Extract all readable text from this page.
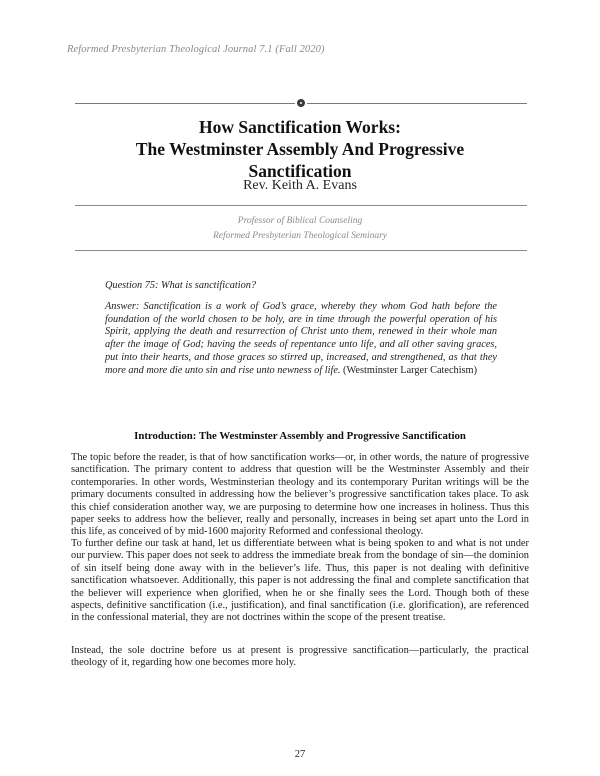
Reformed Presbyterian Theological Journal 7.1 (Fall 2020)
How Sanctification Works:
The Westminster Assembly And Progressive
Sanctification
Rev. Keith A. Evans
Professor of Biblical Counseling
Reformed Presbyterian Theological Seminary
Question 75: What is sanctification?
Answer: Sanctification is a work of God’s grace, whereby they whom God hath before the foundation of the world chosen to be holy, are in time through the powerful operation of his Spirit, applying the death and resurrection of Christ unto them, renewed in their whole man after the image of God; having the seeds of repentance unto life, and all other saving graces, put into their hearts, and those graces so stirred up, increased, and strengthened, as that they more and more die unto sin and rise unto newness of life. (Westminster Larger Catechism)
Introduction: The Westminster Assembly and Progressive Sanctification

The topic before the reader, is that of how sanctification works—or, in other words, the nature of progressive sanctification. The primary content to address that question will be the Westminster Assembly and their contemporaries. In other words, Westminsterian theology and its contemporary Puritan writings will be the primary documents consulted in addressing how the believer’s progressive sanctification takes place. To ask this chief consideration another way, we are purposing to determine how one increases in holiness. Thus this paper seeks to address how the believer, really and personally, increases in being set apart unto the Lord in this life, as conceived of by mid-1600 majority Reformed and confessional theology.

To further define our task at hand, let us differentiate between what is being spoken to and what is not under our purview. This paper does not seek to address the immediate break from the bondage of sin—the dominion of sin itself being done away with in the believer’s life. Thus, this paper is not dealing with definitive sanctification whatsoever. Additionally, this paper is not addressing the final and complete sanctification that the believer will experience when glorified, when he or she finally sees the Lord. Though both of these aspects, definitive sanctification (i.e., justification), and final sanctification (i.e. glorification), are referenced in the confessional material, they are not doctrines within the scope of the present treatise.

Instead, the sole doctrine before us at present is progressive sanctification—particularly, the practical theology of it, regarding how one becomes more holy.

27
